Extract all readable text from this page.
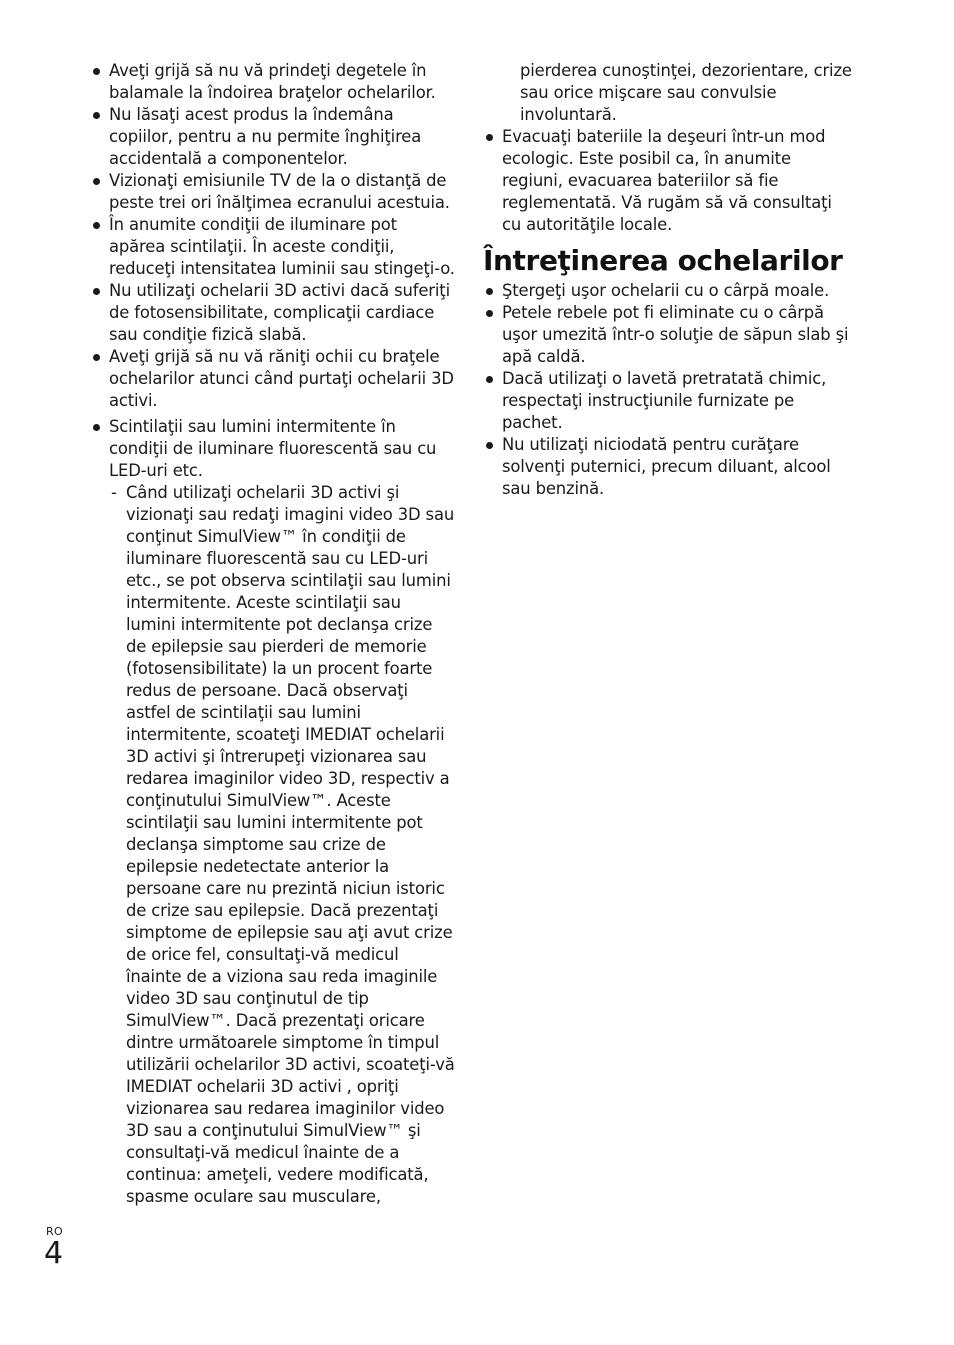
Aveţi grijă să nu vă prindeţi degetele în balamale la îndoirea braţelor ochelarilor.
Nu lăsaţi acest produs la îndemâna copiilor, pentru a nu permite înghiţirea accidentală a componentelor.
Vizionaţi emisiunile TV de la o distanţă de peste trei ori înălţimea ecranului acestuia.
În anumite condiţii de iluminare pot apărea scintilaţii. În aceste condiţii, reduceţi intensitatea luminii sau stingeţi-o.
Nu utilizaţi ochelarii 3D activi dacă suferiţi de fotosensibilitate, complicaţii cardiace sau condiţie fizică slabă.
Aveţi grijă să nu vă răniţi ochii cu braţele ochelarilor atunci când purtaţi ochelarii 3D activi.
Scintilaţii sau lumini intermitente în condiţii de iluminare fluorescentă sau cu LED-uri etc.
- Când utilizaţi ochelarii 3D activi şi vizionaţi sau redaţi imagini video 3D sau conţinut SimulView™ în condiţii de iluminare fluorescentă sau cu LED-uri etc., se pot observa scintilaţii sau lumini intermitente. Aceste scintilaţii sau lumini intermitente pot declanşa crize de epilepsie sau pierderi de memorie (fotosensibilitate) la un procent foarte redus de persoane. Dacă observaţi astfel de scintilaţii sau lumini intermitente, scoateţi IMEDIAT ochelarii 3D activi şi întrerupeţi vizionarea sau redarea imaginilor video 3D, respectiv a conţinutului SimulView™. Aceste scintilaţii sau lumini intermitente pot declanşa simptome sau crize de epilepsie nedetectate anterior la persoane care nu prezintă niciun istoric de crize sau epilepsie. Dacă prezentaţi simptome de epilepsie sau aţi avut crize de orice fel, consultaţi-vă medicul înainte de a viziona sau reda imaginile video 3D sau conţinutul de tip SimulView™. Dacă prezentaţi oricare dintre următoarele simptome în timpul utilizării ochelarilor 3D activi, scoateţi-vă IMEDIAT ochelarii 3D activi , opriţi vizionarea sau redarea imaginilor video 3D sau a conţinutului SimulView™ şi consultaţi-vă medicul înainte de a continua: ameţeli, vedere modificată, spasme oculare sau musculare,
pierderea cunoştinţei, dezorientare, crize sau orice mişcare sau convulsie involuntară.
Evacuaţi bateriile la deşeuri într-un mod ecologic. Este posibil ca, în anumite regiuni, evacuarea bateriilor să fie reglementată. Vă rugăm să vă consultaţi cu autorităţile locale.
Întreţinerea ochelarilor
Ştergeţi uşor ochelarii cu o cârpă moale.
Petele rebele pot fi eliminate cu o cârpă uşor umezită într-o soluţie de săpun slab şi apă caldă.
Dacă utilizaţi o lavetă pretratată chimic, respectaţi instrucţiunile furnizate pe pachet.
Nu utilizaţi niciodată pentru curăţare solvenţi puternici, precum diluant, alcool sau benzină.
RO
4
